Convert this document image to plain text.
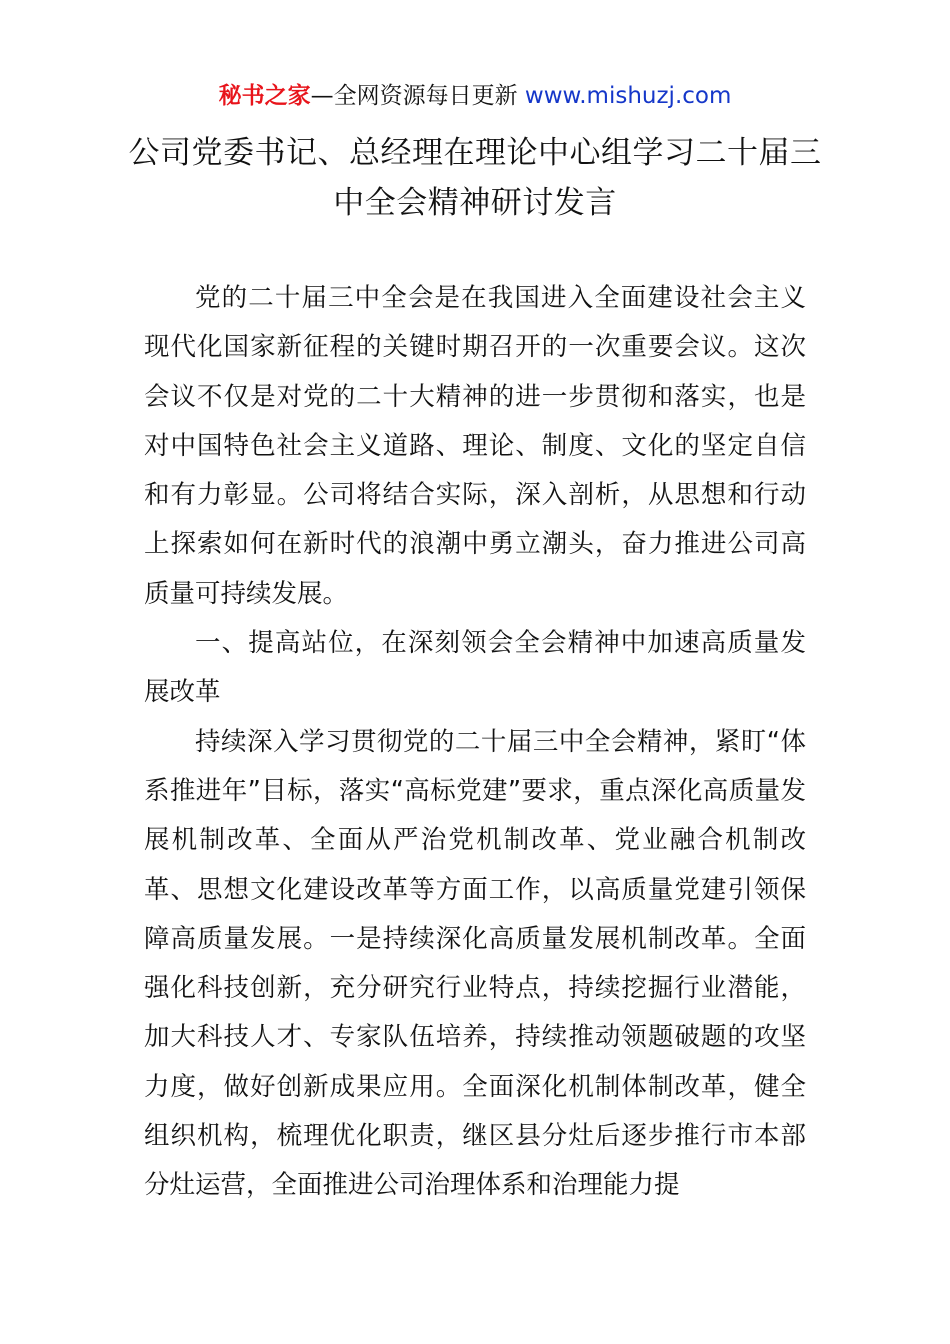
秘书之家—全网资源每日更新 www.mishuzj.com
公司党委书记、总经理在理论中心组学习二十届三中全会精神研讨发言

党的二十届三中全会是在我国进入全面建设社会主义现代化国家新征程的关键时期召开的一次重要会议。这次会议不仅是对党的二十大精神的进一步贯彻和落实，也是对中国特色社会主义道路、理论、制度、文化的坚定自信和有力彰显。公司将结合实际，深入剖析，从思想和行动上探索如何在新时代的浪潮中勇立潮头，奋力推进公司高质量可持续发展。

一、提高站位，在深刻领会全会精神中加速高质量发展改革

持续深入学习贯彻党的二十届三中全会精神，紧盯“体系推进年”目标，落实“高标党建”要求，重点深化高质量发展机制改革、全面从严治党机制改革、党业融合机制改革、思想文化建设改革等方面工作，以高质量党建引领保障高质量发展。一是持续深化高质量发展机制改革。全面强化科技创新，充分研究行业特点，持续挖掘行业潜能，加大科技人才、专家队伍培养，持续推动领题破题的攻坚力度，做好创新成果应用。全面深化机制体制改革，健全组织机构，梳理优化职责，继区县分灶后逐步推行市本部分灶运营，全面推进公司治理体系和治理能力提
